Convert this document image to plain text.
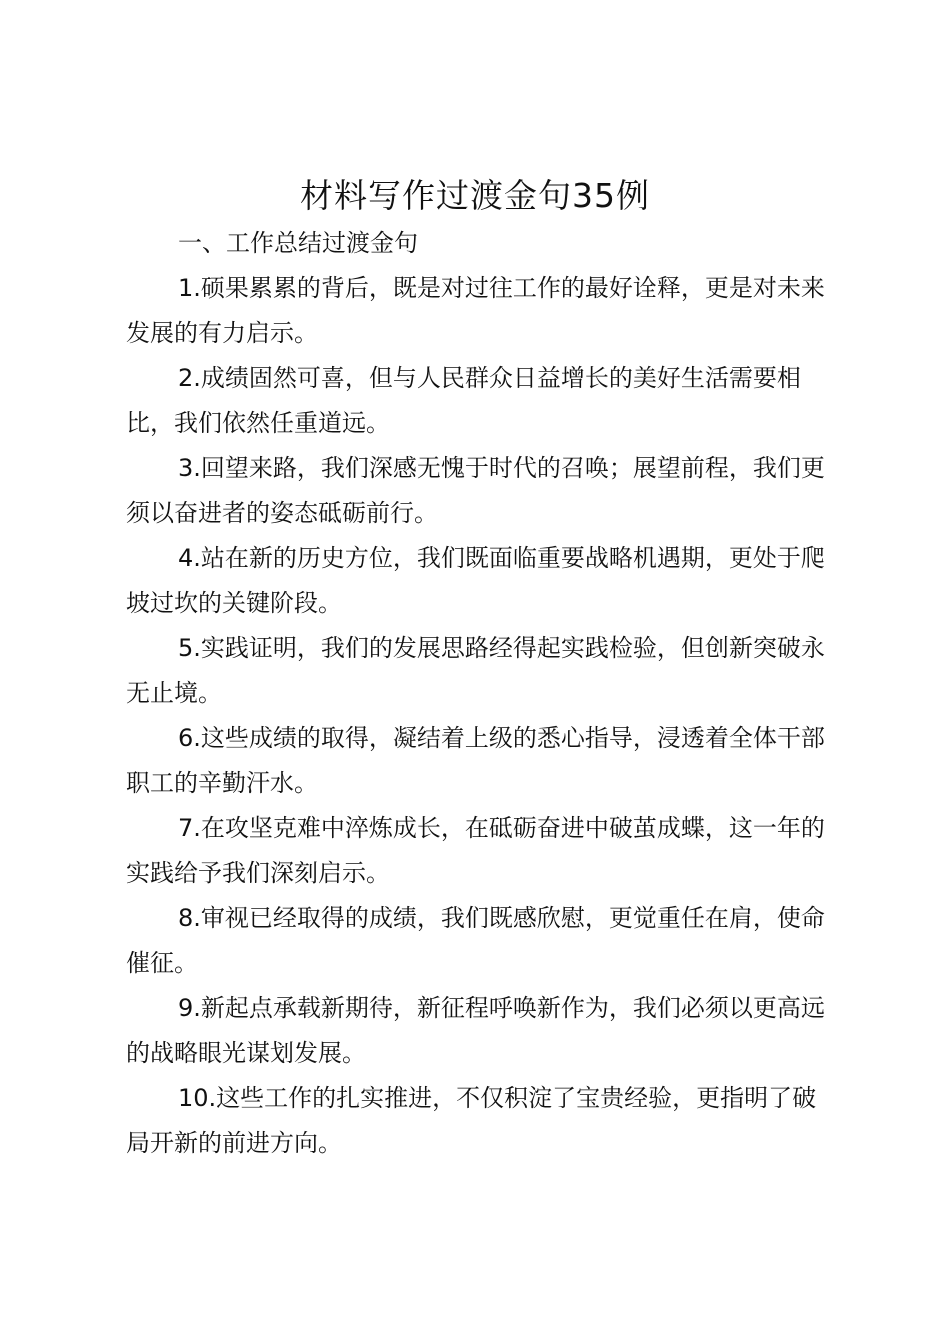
材料写作过渡金句35例
一、工作总结过渡金句

1.硕果累累的背后，既是对过往工作的最好诠释，更是对未来发展的有力启示。

2.成绩固然可喜，但与人民群众日益增长的美好生活需要相比，我们依然任重道远。

3.回望来路，我们深感无愧于时代的召唤；展望前程，我们更须以奋进者的姿态砥砺前行。

4.站在新的历史方位，我们既面临重要战略机遇期，更处于爬坡过坎的关键阶段。

5.实践证明，我们的发展思路经得起实践检验，但创新突破永无止境。

6.这些成绩的取得，凝结着上级的悉心指导，浸透着全体干部职工的辛勤汗水。

7.在攻坚克难中淬炼成长，在砥砺奋进中破茧成蝶，这一年的实践给予我们深刻启示。

8.审视已经取得的成绩，我们既感欣慰，更觉重任在肩，使命催征。

9.新起点承载新期待，新征程呼唤新作为，我们必须以更高远的战略眼光谋划发展。

10.这些工作的扎实推进，不仅积淀了宝贵经验，更指明了破局开新的前进方向。
